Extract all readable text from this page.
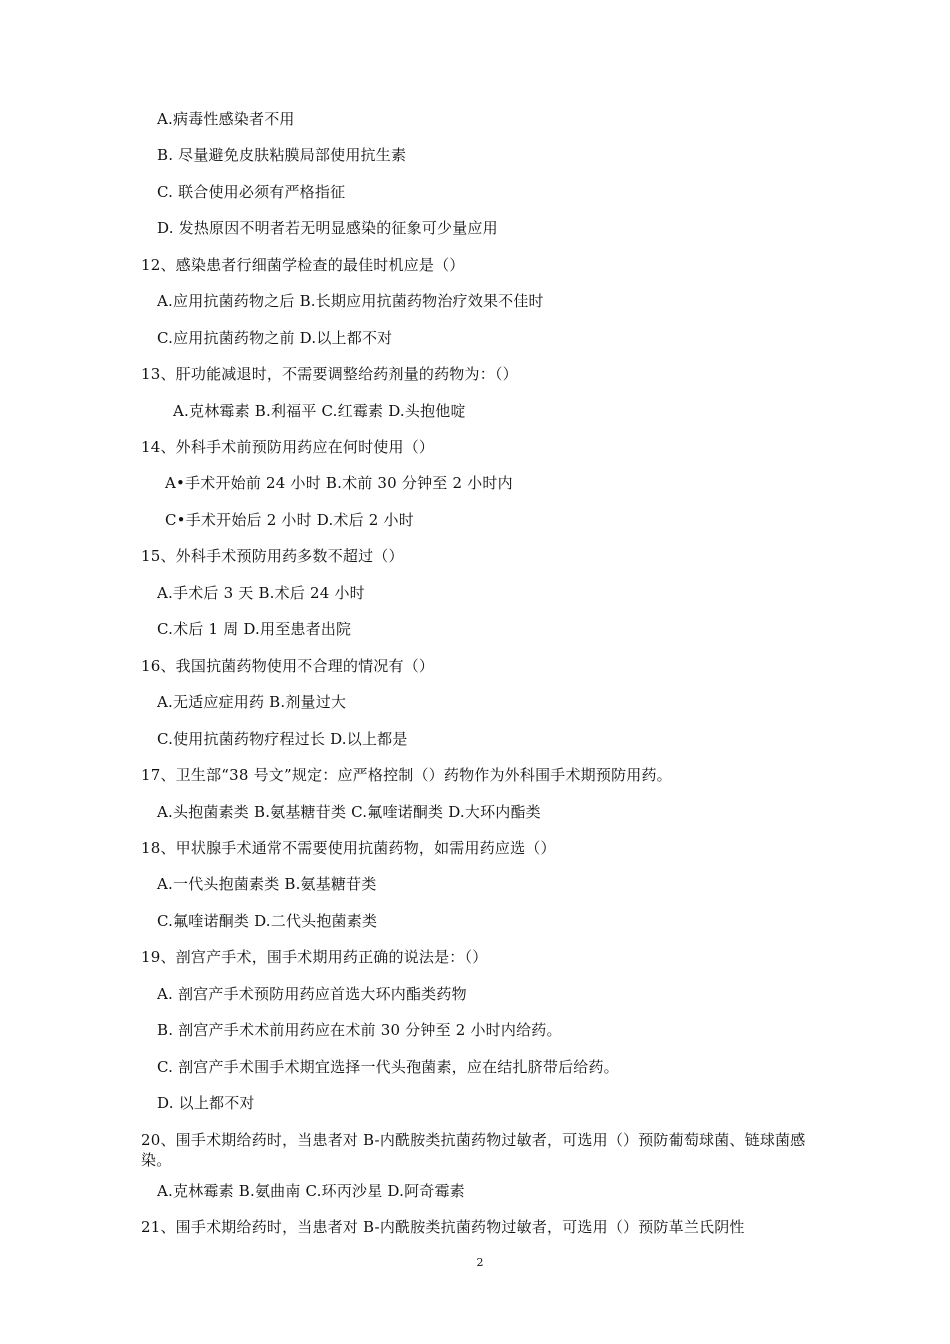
A.病毒性感染者不用
B. 尽量避免皮肤粘膜局部使用抗生素
C. 联合使用必须有严格指征
D. 发热原因不明者若无明显感染的征象可少量应用
12、感染患者行细菌学检查的最佳时机应是（）
A.应用抗菌药物之后 B.长期应用抗菌药物治疗效果不佳时
C.应用抗菌药物之前 D.以上都不对
13、肝功能减退时，不需要调整给药剂量的药物为：（）
A.克林霉素 B.利福平 C.红霉素 D.头抱他啶
14、外科手术前预防用药应在何时使用（）
A•手术开始前 24 小时 B.术前 30 分钟至 2 小时内
C•手术开始后 2 小时 D.术后 2 小时
15、外科手术预防用药多数不超过（）
A.手术后 3 天 B.术后 24 小时
C.术后 1 周 D.用至患者出院
16、我国抗菌药物使用不合理的情况有（）
A.无适应症用药 B.剂量过大
C.使用抗菌药物疗程过长 D.以上都是
17、卫生部“38 号文”规定：应严格控制（）药物作为外科围手术期预防用药。
A.头抱菌素类 B.氨基糖苷类 C.氟喹诺酮类 D.大环内酯类
18、甲状腺手术通常不需要使用抗菌药物，如需用药应选（）
A.一代头抱菌素类 B.氨基糖苷类
C.氟喹诺酮类 D.二代头抱菌素类
19、剖宫产手术，围手术期用药正确的说法是：（）
A. 剖宫产手术预防用药应首选大环内酯类药物
B. 剖宫产手术术前用药应在术前 30 分钟至 2 小时内给药。
C. 剖宫产手术围手术期宜选择一代头孢菌素，应在结扎脐带后给药。
D. 以上都不对
20、围手术期给药时，当患者对 B-内酰胺类抗菌药物过敏者，可选用（）预防葡萄球菌、链球菌感染。
A.克林霉素 B.氨曲南 C.环丙沙星 D.阿奇霉素
21、围手术期给药时，当患者对 B-内酰胺类抗菌药物过敏者，可选用（）预防革兰氏阴性
2
